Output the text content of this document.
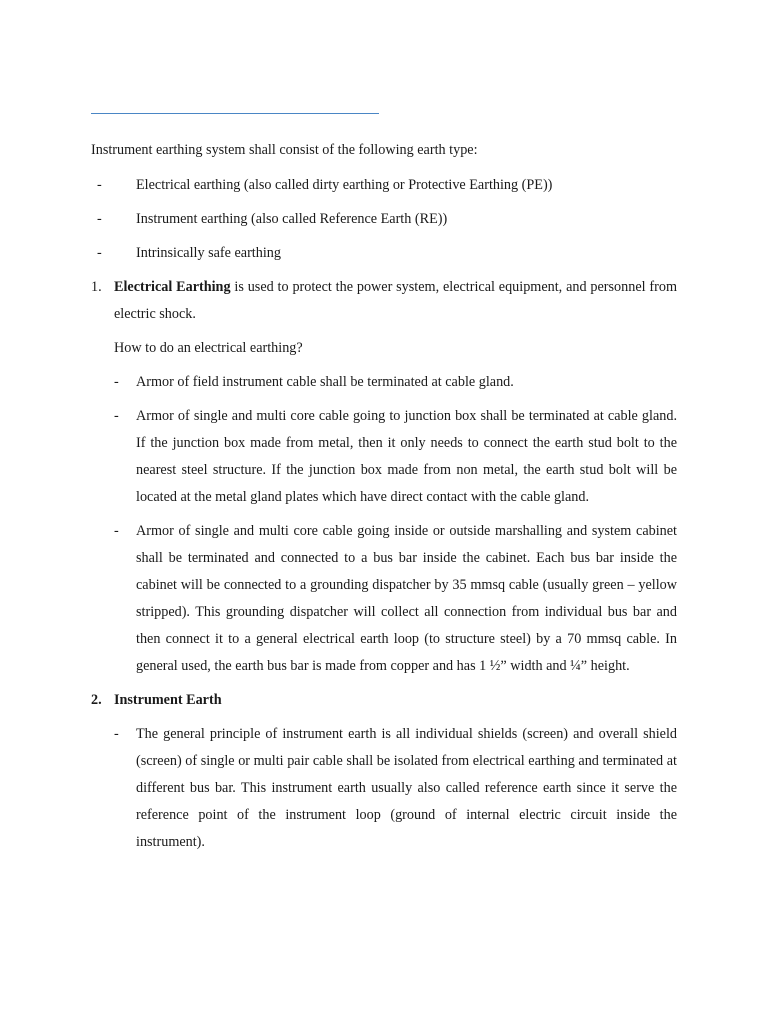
Instrument earthing system shall consist of the following earth type:

- Electrical earthing (also called dirty earthing or Protective Earthing (PE))
- Instrument earthing (also called Reference Earth (RE))
- Intrinsically safe earthing
1. Electrical Earthing is used to protect the power system, electrical equipment, and personnel from electric shock.

How to do an electrical earthing?

- Armor of field instrument cable shall be terminated at cable gland.
- Armor of single and multi core cable going to junction box shall be terminated at cable gland. If the junction box made from metal, then it only needs to connect the earth stud bolt to the nearest steel structure. If the junction box made from non metal, the earth stud bolt will be located at the metal gland plates which have direct contact with the cable gland.
- Armor of single and multi core cable going inside or outside marshalling and system cabinet shall be terminated and connected to a bus bar inside the cabinet. Each bus bar inside the cabinet will be connected to a grounding dispatcher by 35 mmsq cable (usually green – yellow stripped). This grounding dispatcher will collect all connection from individual bus bar and then connect it to a general electrical earth loop (to structure steel) by a 70 mmsq cable. In general used, the earth bus bar is made from copper and has 1 ½” width and ¼” height.
2. Instrument Earth
- The general principle of instrument earth is all individual shields (screen) and overall shield (screen) of single or multi pair cable shall be isolated from electrical earthing and terminated at different bus bar. This instrument earth usually also called reference earth since it serve the reference point of the instrument loop (ground of internal electric circuit inside the instrument).
